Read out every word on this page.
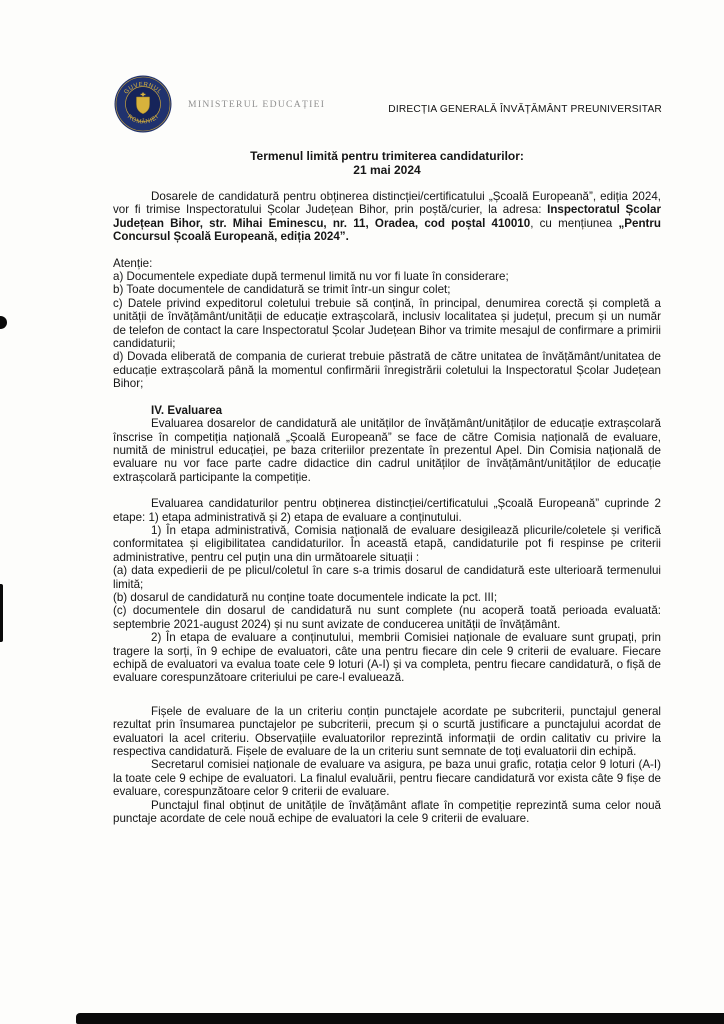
GUVERNUL
ROMÂNIEI
MINISTERUL EDUCAȚIEI	DIRECȚIA GENERALĂ ÎNVĂȚĂMÂNT PREUNIVERSITAR
Termenul limită pentru trimiterea candidaturilor:
21 mai 2024

Dosarele de candidatură pentru obținerea distincției/certificatului „Școală Europeană”, ediția 2024, vor fi trimise Inspectoratului Școlar Județean Bihor, prin poștă/curier, la adresa: Inspectoratul Școlar Județean Bihor, str. Mihai Eminescu, nr. 11, Oradea, cod poștal 410010, cu mențiunea „Pentru Concursul Școală Europeană, ediția 2024”.

Atenție:

a) Documentele expediate după termenul limită nu vor fi luate în considerare;

b) Toate documentele de candidatură se trimit într-un singur colet;

c) Datele privind expeditorul coletului trebuie să conțină, în principal, denumirea corectă și completă a unității de învățământ/unității de educație extrașcolară, inclusiv localitatea și județul, precum și un număr de telefon de contact la care Inspectoratul Școlar Județean Bihor va trimite mesajul de confirmare a primirii candidaturii;

d) Dovada eliberată de compania de curierat trebuie păstrată de către unitatea de învățământ/unitatea de educație extrașcolară până la momentul confirmării înregistrării coletului la Inspectoratul Școlar Județean Bihor;

IV. Evaluarea

Evaluarea dosarelor de candidatură ale unităților de învățământ/unităților de educație extrașcolară înscrise în competiția națională „Școală Europeană” se face de către Comisia națională de evaluare, numită de ministrul educației, pe baza criteriilor prezentate în prezentul Apel. Din Comisia națională de evaluare nu vor face parte cadre didactice din cadrul unităților de învățământ/unităților de educație extrașcolară participante la competiție.

Evaluarea candidaturilor pentru obținerea distincției/certificatului „Școală Europeană” cuprinde 2 etape: 1) etapa administrativă și 2) etapa de evaluare a conținutului.

1) În etapa administrativă, Comisia națională de evaluare desigilează plicurile/coletele și verifică conformitatea și eligibilitatea candidaturilor. În această etapă, candidaturile pot fi respinse pe criterii administrative, pentru cel puțin una din următoarele situații :

(a) data expedierii de pe plicul/coletul în care s-a trimis dosarul de candidatură este ulterioară termenului limită;

(b) dosarul de candidatură nu conține toate documentele indicate la pct. III;

(c) documentele din dosarul de candidatură nu sunt complete (nu acoperă toată perioada evaluată: septembrie 2021-august 2024) și nu sunt avizate de conducerea unității de învățământ.

2) În etapa de evaluare a conținutului, membrii Comisiei naționale de evaluare sunt grupați, prin tragere la sorți, în 9 echipe de evaluatori, câte una pentru fiecare din cele 9 criterii de evaluare. Fiecare echipă de evaluatori va evalua toate cele 9 loturi (A-I) și va completa, pentru fiecare candidatură, o fișă de evaluare corespunzătoare criteriului pe care-l evaluează.

Fișele de evaluare de la un criteriu conțin punctajele acordate pe subcriterii, punctajul general rezultat prin însumarea punctajelor pe subcriterii, precum și o scurtă justificare a punctajului acordat de evaluatori la acel criteriu. Observațiile evaluatorilor reprezintă informații de ordin calitativ cu privire la respectiva candidatură. Fișele de evaluare de la un criteriu sunt semnate de toți evaluatorii din echipă.

Secretarul comisiei naționale de evaluare va asigura, pe baza unui grafic, rotația celor 9 loturi (A-I) la toate cele 9 echipe de evaluatori. La finalul evaluării, pentru fiecare candidatură vor exista câte 9 fișe de evaluare, corespunzătoare celor 9 criterii de evaluare.

Punctajul final obținut de unitățile de învățământ aflate în competiție reprezintă suma celor nouă punctaje acordate de cele nouă echipe de evaluatori la cele 9 criterii de evaluare.
